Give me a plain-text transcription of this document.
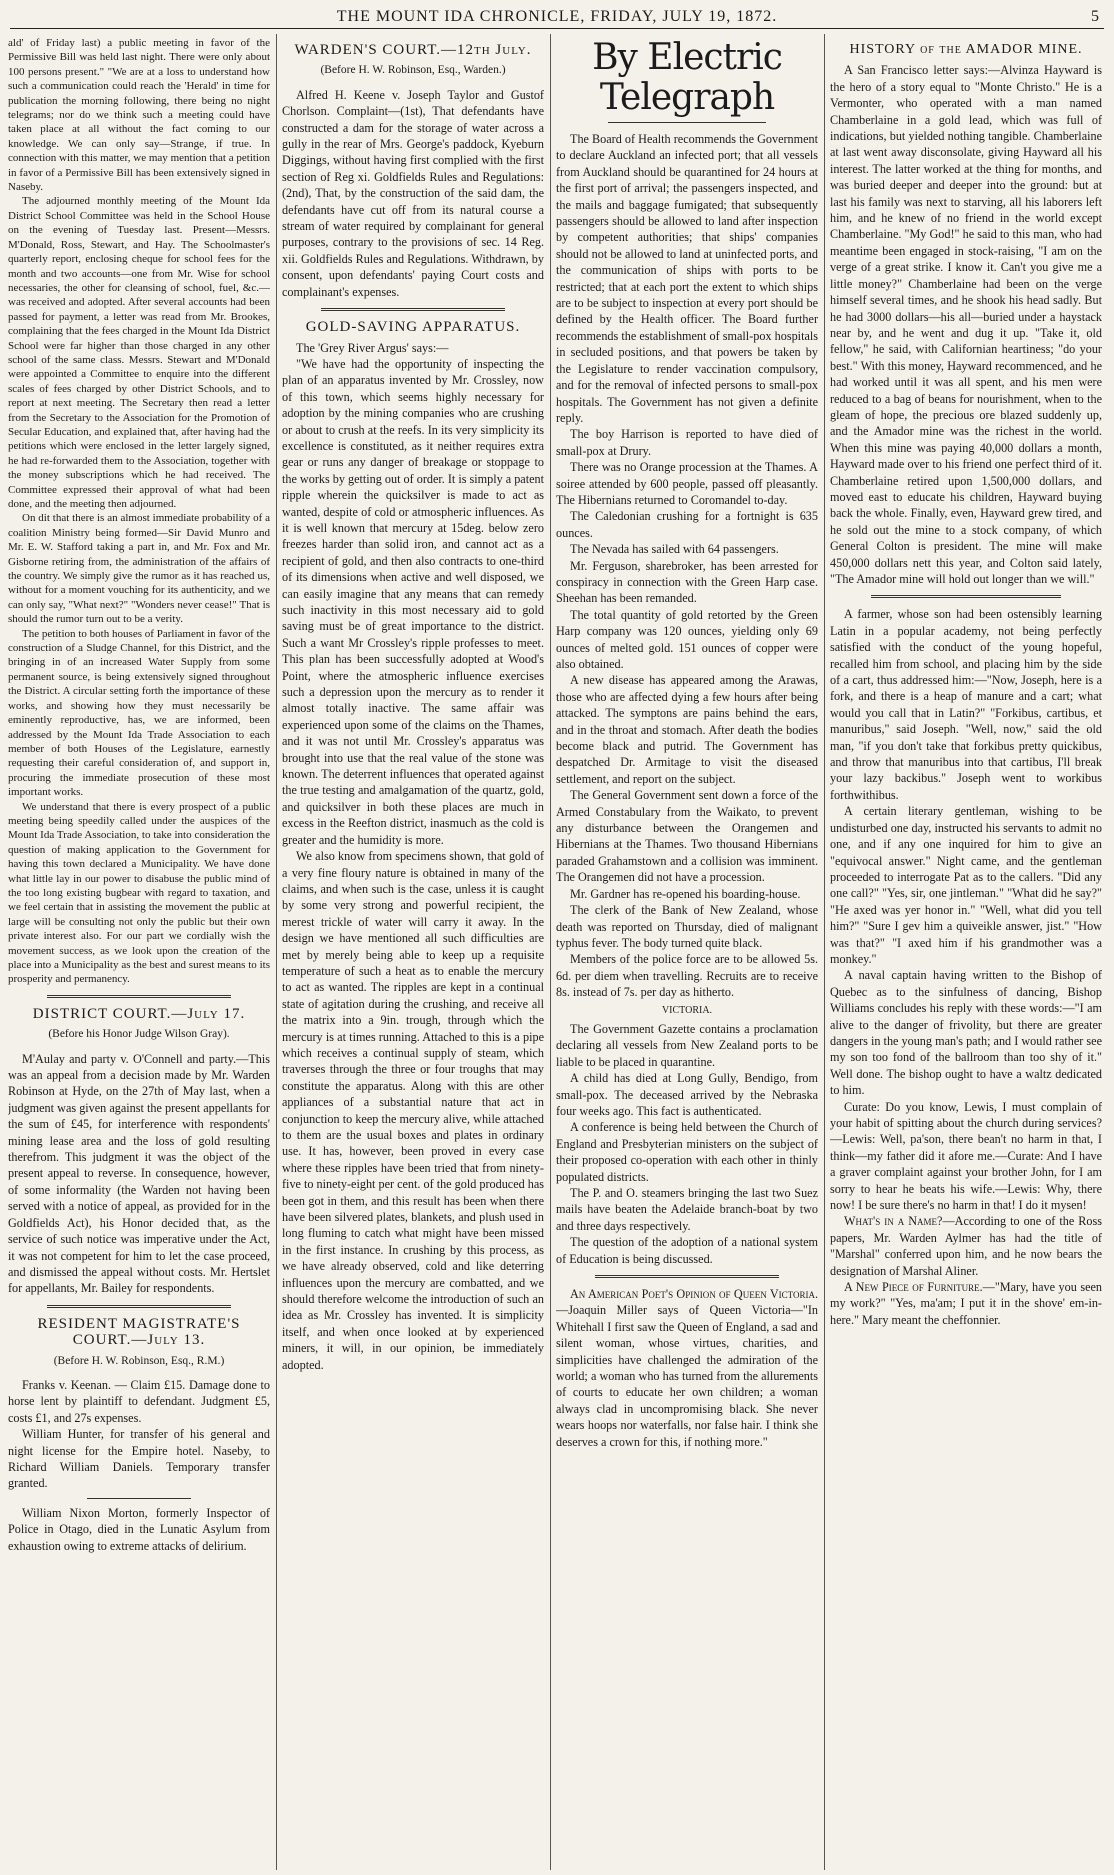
THE MOUNT IDA CHRONICLE, FRIDAY, JULY 19, 1872.	5

ald' of Friday last) a public meeting in favor of the Permissive Bill was held last night. There were only about 100 persons present." "We are at a loss to understand how such a communication could reach the 'Herald' in time for publication the morning following, there being no night telegrams; nor do we think such a meeting could have taken place at all without the fact coming to our knowledge. We can only say—Strange, if true. In connection with this matter, we may mention that a petition in favor of a Permissive Bill has been extensively signed in Naseby.

The adjourned monthly meeting of the Mount Ida District School Committee was held in the School House on the evening of Tuesday last. Present—Messrs. M'Donald, Ross, Stewart, and Hay. The Schoolmaster's quarterly report, enclosing cheque for school fees for the month and two accounts—one from Mr. Wise for school necessaries, the other for cleansing of school, fuel, &c.—was received and adopted. After several accounts had been passed for payment, a letter was read from Mr. Brookes, complaining that the fees charged in the Mount Ida District School were far higher than those charged in any other school of the same class. Messrs. Stewart and M'Donald were appointed a Committee to enquire into the different scales of fees charged by other District Schools, and to report at next meeting. The Secretary then read a letter from the Secretary to the Association for the Promotion of Secular Education, and explained that, after having had the petitions which were enclosed in the letter largely signed, he had re-forwarded them to the Association, together with the money subscriptions which he had received. The Committee expressed their approval of what had been done, and the meeting then adjourned.

On dit that there is an almost immediate probability of a coalition Ministry being formed—Sir David Munro and Mr. E. W. Stafford taking a part in, and Mr. Fox and Mr. Gisborne retiring from, the administration of the affairs of the country. We simply give the rumor as it has reached us, without for a moment vouching for its authenticity, and we can only say, "What next?" "Wonders never cease!" That is should the rumor turn out to be a verity.

The petition to both houses of Parliament in favor of the construction of a Sludge Channel, for this District, and the bringing in of an increased Water Supply from some permanent source, is being extensively signed throughout the District. A circular setting forth the importance of these works, and showing how they must necessarily be eminently reproductive, has, we are informed, been addressed by the Mount Ida Trade Association to each member of both Houses of the Legislature, earnestly requesting their careful consideration of, and support in, procuring the immediate prosecution of these most important works.

We understand that there is every prospect of a public meeting being speedily called under the auspices of the Mount Ida Trade Association, to take into consideration the question of making application to the Government for having this town declared a Municipality. We have done what little lay in our power to disabuse the public mind of the too long existing bugbear with regard to taxation, and we feel certain that in assisting the movement the public at large will be consulting not only the public but their own private interest also. For our part we cordially wish the movement success, as we look upon the creation of the place into a Municipality as the best and surest means to its prosperity and permanency.

DISTRICT COURT.—July 17.
(Before his Honor Judge Wilson Gray).

M'Aulay and party v. O'Connell and party.—This was an appeal from a decision made by Mr. Warden Robinson at Hyde, on the 27th of May last, when a judgment was given against the present appellants for the sum of £45, for interference with respondents' mining lease area and the loss of gold resulting therefrom. This judgment it was the object of the present appeal to reverse. In consequence, however, of some informality (the Warden not having been served with a notice of appeal, as provided for in the Goldfields Act), his Honor decided that, as the service of such notice was imperative under the Act, it was not competent for him to let the case proceed, and dismissed the appeal without costs. Mr. Hertslet for appellants, Mr. Bailey for respondents.

RESIDENT MAGISTRATE'S COURT.—July 13.
(Before H. W. Robinson, Esq., R.M.)

Franks v. Keenan. — Claim £15. Damage done to horse lent by plaintiff to defendant. Judgment £5, costs £1, and 27s expenses.

William Hunter, for transfer of his general and night license for the Empire hotel. Naseby, to Richard William Daniels. Temporary transfer granted.

William Nixon Morton, formerly Inspector of Police in Otago, died in the Lunatic Asylum from exhaustion owing to extreme attacks of delirium.

WARDEN'S COURT.—12th July.
(Before H. W. Robinson, Esq., Warden.)

Alfred H. Keene v. Joseph Taylor and Gustof Chorlson. Complaint—(1st), That defendants have constructed a dam for the storage of water across a gully in the rear of Mrs. George's paddock, Kyeburn Diggings, without having first complied with the first section of Reg xi. Goldfields Rules and Regulations: (2nd), That, by the construction of the said dam, the defendants have cut off from its natural course a stream of water required by complainant for general purposes, contrary to the provisions of sec. 14 Reg. xii. Goldfields Rules and Regulations. Withdrawn, by consent, upon defendants' paying Court costs and complainant's expenses.

GOLD-SAVING APPARATUS.

The 'Grey River Argus' says:—

"We have had the opportunity of inspecting the plan of an apparatus invented by Mr. Crossley, now of this town, which seems highly necessary for adoption by the mining companies who are crushing or about to crush at the reefs. In its very simplicity its excellence is constituted, as it neither requires extra gear or runs any danger of breakage or stoppage to the works by getting out of order. It is simply a patent ripple wherein the quicksilver is made to act as wanted, despite of cold or atmospheric influences. As it is well known that mercury at 15deg. below zero freezes harder than solid iron, and cannot act as a recipient of gold, and then also contracts to one-third of its dimensions when active and well disposed, we can easily imagine that any means that can remedy such inactivity in this most necessary aid to gold saving must be of great importance to the district. Such a want Mr Crossley's ripple professes to meet. This plan has been successfully adopted at Wood's Point, where the atmospheric influence exercises such a depression upon the mercury as to render it almost totally inactive. The same affair was experienced upon some of the claims on the Thames, and it was not until Mr. Crossley's apparatus was brought into use that the real value of the stone was known. The deterrent influences that operated against the true testing and amalgamation of the quartz, gold, and quicksilver in both these places are much in excess in the Reefton district, inasmuch as the cold is greater and the humidity is more.

We also know from specimens shown, that gold of a very fine floury nature is obtained in many of the claims, and when such is the case, unless it is caught by some very strong and powerful recipient, the merest trickle of water will carry it away. In the design we have mentioned all such difficulties are met by merely being able to keep up a requisite temperature of such a heat as to enable the mercury to act as wanted. The ripples are kept in a continual state of agitation during the crushing, and receive all the matrix into a 9in. trough, through which the mercury is at times running. Attached to this is a pipe which receives a continual supply of steam, which traverses through the three or four troughs that may constitute the apparatus. Along with this are other appliances of a substantial nature that act in conjunction to keep the mercury alive, while attached to them are the usual boxes and plates in ordinary use. It has, however, been proved in every case where these ripples have been tried that from ninety-five to ninety-eight per cent. of the gold produced has been got in them, and this result has been when there have been silvered plates, blankets, and plush used in long fluming to catch what might have been missed in the first instance. In crushing by this process, as we have already observed, cold and like deterring influences upon the mercury are combatted, and we should therefore welcome the introduction of such an idea as Mr. Crossley has invented. It is simplicity itself, and when once looked at by experienced miners, it will, in our opinion, be immediately adopted.

By Electric Telegraph

The Board of Health recommends the Government to declare Auckland an infected port; that all vessels from Auckland should be quarantined for 24 hours at the first port of arrival; the passengers inspected, and the mails and baggage fumigated; that subsequently passengers should be allowed to land after inspection by competent authorities; that ships' companies should not be allowed to land at uninfected ports, and the communication of ships with ports to be restricted; that at each port the extent to which ships are to be subject to inspection at every port should be defined by the Health officer. The Board further recommends the establishment of small-pox hospitals in secluded positions, and that powers be taken by the Legislature to render vaccination compulsory, and for the removal of infected persons to small-pox hospitals. The Government has not given a definite reply.

The boy Harrison is reported to have died of small-pox at Drury.

There was no Orange procession at the Thames. A soiree attended by 600 people, passed off pleasantly. The Hibernians returned to Coromandel to-day.

The Caledonian crushing for a fortnight is 635 ounces.

The Nevada has sailed with 64 passengers.

Mr. Ferguson, sharebroker, has been arrested for conspiracy in connection with the Green Harp case. Sheehan has been remanded.

The total quantity of gold retorted by the Green Harp company was 120 ounces, yielding only 69 ounces of melted gold. 151 ounces of copper were also obtained.

A new disease has appeared among the Arawas, those who are affected dying a few hours after being attacked. The symptons are pains behind the ears, and in the throat and stomach. After death the bodies become black and putrid. The Government has despatched Dr. Armitage to visit the diseased settlement, and report on the subject.

The General Government sent down a force of the Armed Constabulary from the Waikato, to prevent any disturbance between the Orangemen and Hibernians at the Thames. Two thousand Hibernians paraded Grahamstown and a collision was imminent. The Orangemen did not have a procession.

Mr. Gardner has re-opened his boarding-house.

The clerk of the Bank of New Zealand, whose death was reported on Thursday, died of malignant typhus fever. The body turned quite black.

Members of the police force are to be allowed 5s. 6d. per diem when travelling. Recruits are to receive 8s. instead of 7s. per day as hitherto.

VICTORIA.

The Government Gazette contains a proclamation declaring all vessels from New Zealand ports to be liable to be placed in quarantine.

A child has died at Long Gully, Bendigo, from small-pox. The deceased arrived by the Nebraska four weeks ago. This fact is authenticated.

A conference is being held between the Church of England and Presbyterian ministers on the subject of their proposed co-operation with each other in thinly populated districts.

The P. and O. steamers bringing the last two Suez mails have beaten the Adelaide branch-boat by two and three days respectively.

The question of the adoption of a national system of Education is being discussed.

An American Poet's Opinion of Queen Victoria.—Joaquin Miller says of Queen Victoria—"In Whitehall I first saw the Queen of England, a sad and silent woman, whose virtues, charities, and simplicities have challenged the admiration of the world; a woman who has turned from the allurements of courts to educate her own children; a woman always clad in uncompromising black. She never wears hoops nor waterfalls, nor false hair. I think she deserves a crown for this, if nothing more."

HISTORY of the AMADOR MINE.

A San Francisco letter says:—Alvinza Hayward is the hero of a story equal to "Monte Christo." He is a Vermonter, who operated with a man named Chamberlaine in a gold lead, which was full of indications, but yielded nothing tangible. Chamberlaine at last went away disconsolate, giving Hayward all his interest. The latter worked at the thing for months, and was buried deeper and deeper into the ground: but at last his family was next to starving, all his laborers left him, and he knew of no friend in the world except Chamberlaine. "My God!" he said to this man, who had meantime been engaged in stock-raising, "I am on the verge of a great strike. I know it. Can't you give me a little money?" Chamberlaine had been on the verge himself several times, and he shook his head sadly. But he had 3000 dollars—his all—buried under a haystack near by, and he went and dug it up. "Take it, old fellow," he said, with Californian heartiness; "do your best." With this money, Hayward recommenced, and he had worked until it was all spent, and his men were reduced to a bag of beans for nourishment, when to the gleam of hope, the precious ore blazed suddenly up, and the Amador mine was the richest in the world. When this mine was paying 40,000 dollars a month, Hayward made over to his friend one perfect third of it. Chamberlaine retired upon 1,500,000 dollars, and moved east to educate his children, Hayward buying back the whole. Finally, even, Hayward grew tired, and he sold out the mine to a stock company, of which General Colton is president. The mine will make 450,000 dollars nett this year, and Colton said lately, "The Amador mine will hold out longer than we will."

A farmer, whose son had been ostensibly learning Latin in a popular academy, not being perfectly satisfied with the conduct of the young hopeful, recalled him from school, and placing him by the side of a cart, thus addressed him:—"Now, Joseph, here is a fork, and there is a heap of manure and a cart; what would you call that in Latin?" "Forkibus, cartibus, et manuribus," said Joseph. "Well, now," said the old man, "if you don't take that forkibus pretty quickibus, and throw that manuribus into that cartibus, I'll break your lazy backibus." Joseph went to workibus forthwithibus.

A certain literary gentleman, wishing to be undisturbed one day, instructed his servants to admit no one, and if any one inquired for him to give an "equivocal answer." Night came, and the gentleman proceeded to interrogate Pat as to the callers. "Did any one call?" "Yes, sir, one jintleman." "What did he say?" "He axed was yer honor in." "Well, what did you tell him?" "Sure I gev him a quiveikle answer, jist." "How was that?" "I axed him if his grandmother was a monkey."

A naval captain having written to the Bishop of Quebec as to the sinfulness of dancing, Bishop Williams concludes his reply with these words:—"I am alive to the danger of frivolity, but there are greater dangers in the young man's path; and I would rather see my son too fond of the ballroom than too shy of it." Well done. The bishop ought to have a waltz dedicated to him.

Curate: Do you know, Lewis, I must complain of your habit of spitting about the church during services?—Lewis: Well, pa'son, there bean't no harm in that, I think—my father did it afore me.—Curate: And I have a graver complaint against your brother John, for I am sorry to hear he beats his wife.—Lewis: Why, there now! I be sure there's no harm in that! I do it mysen!

What's in a Name?—According to one of the Ross papers, Mr. Warden Aylmer has had the title of "Marshal" conferred upon him, and he now bears the designation of Marshal Aliner.

A New Piece of Furniture.—"Mary, have you seen my work?" "Yes, ma'am; I put it in the shove' em-in-here." Mary meant the cheffonnier.
